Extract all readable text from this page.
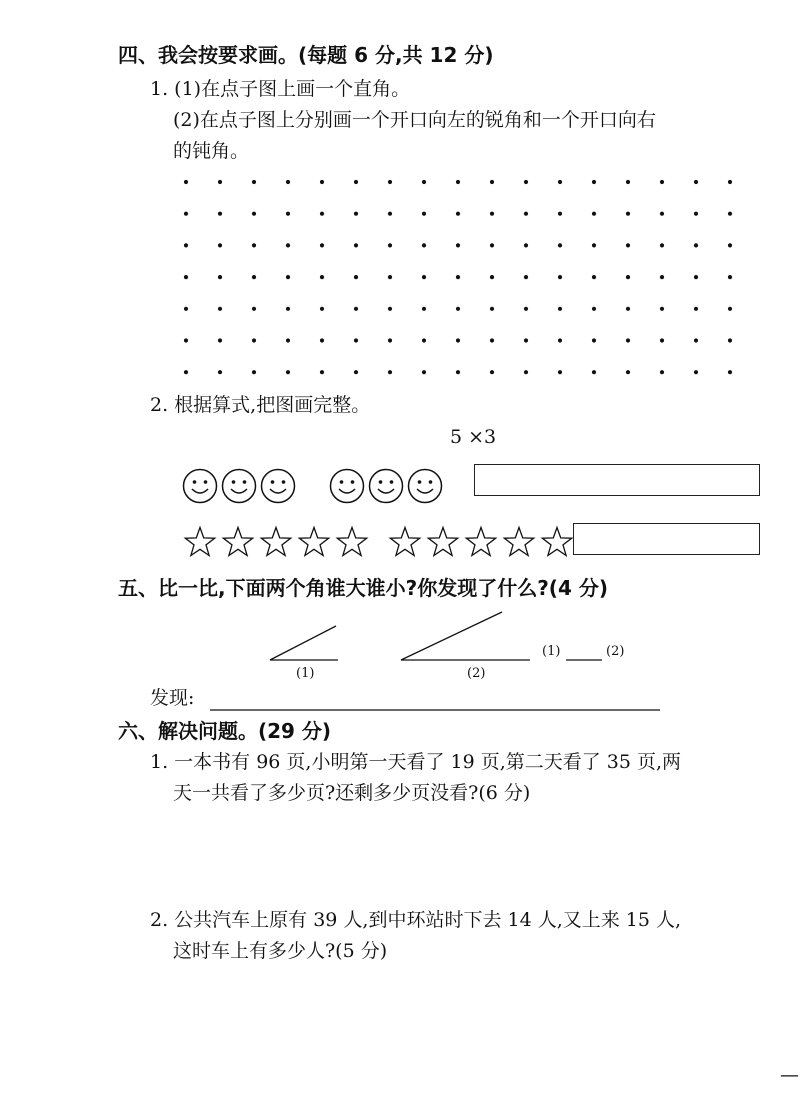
四、我会按要求画。(每题 6 分,共 12 分)
1. (1)在点子图上画一个直角。
(2)在点子图上分别画一个开口向左的锐角和一个开口向右
的钝角。
2. 根据算式,把图画完整。
5 ×3
五、比一比,下面两个角谁大谁小?你发现了什么?(4 分)
(1)	(2)
(1)	(2)
发现:
六、解决问题。(29 分)
1. 一本书有 96 页,小明第一天看了 19 页,第二天看了 35 页,两
天一共看了多少页?还剩多少页没看?(6 分)
2. 公共汽车上原有 39 人,到中环站时下去 14 人,又上来 15 人,
这时车上有多少人?(5 分)
—
